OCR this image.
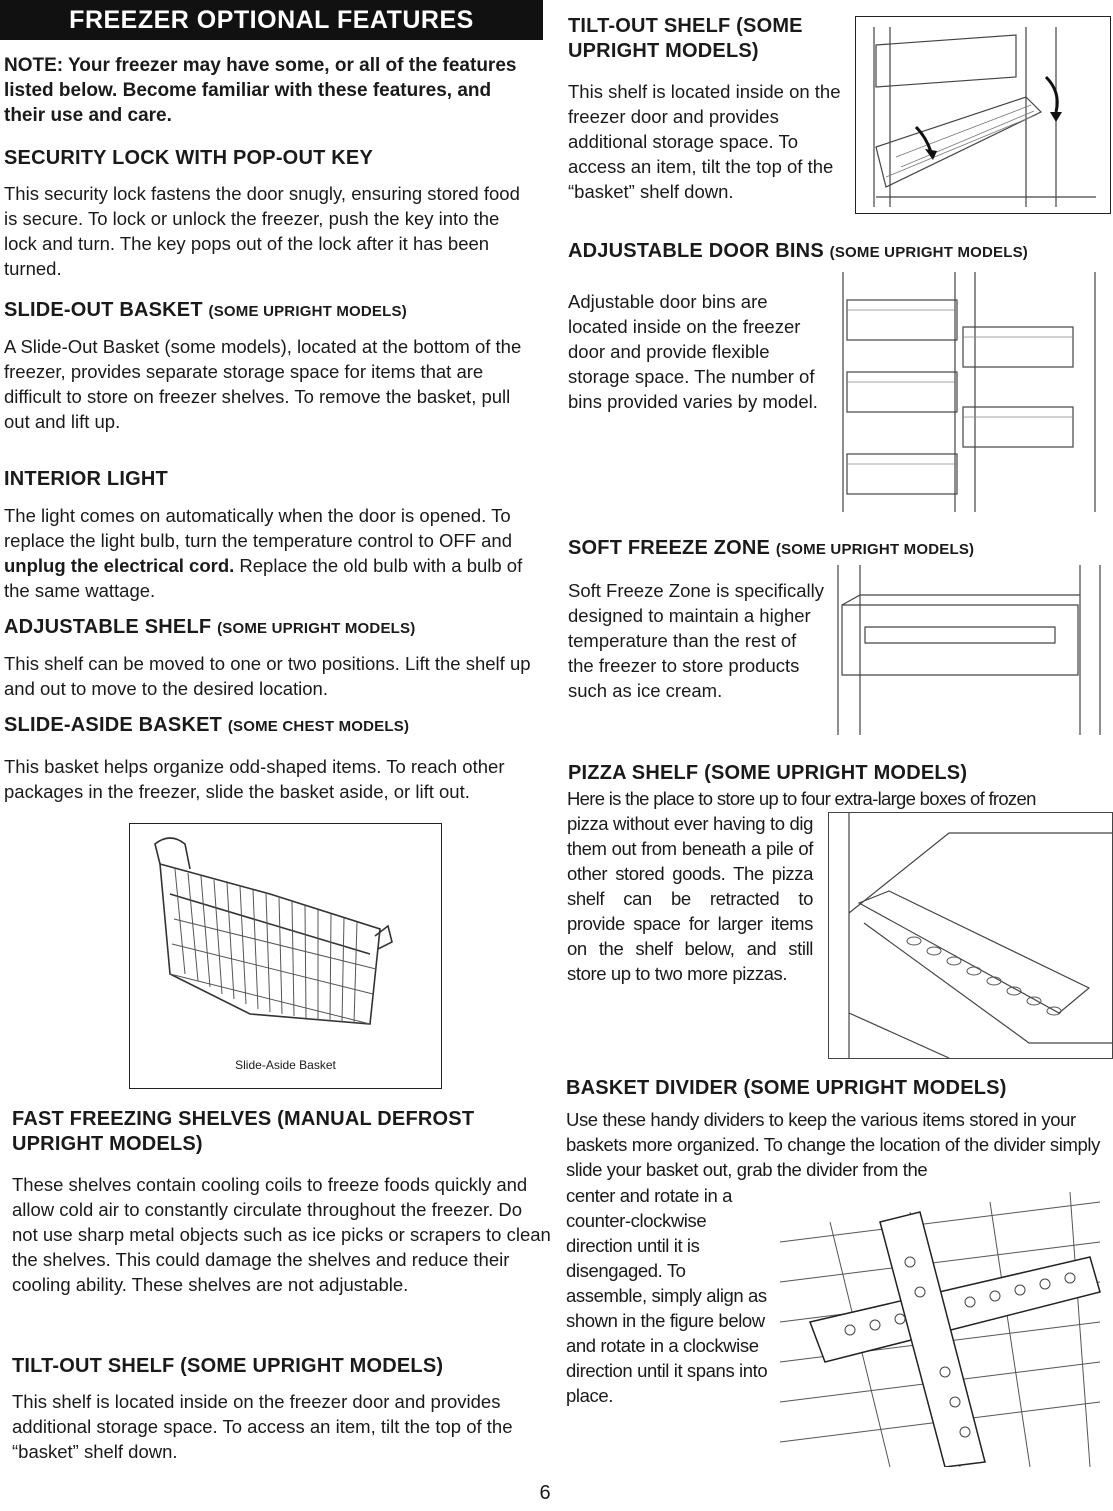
FREEZER OPTIONAL FEATURES
NOTE: Your freezer may have some, or all of the features listed below. Become familiar with these features, and their use and care.
SECURITY LOCK WITH POP-OUT KEY
This security lock fastens the door snugly, ensuring stored food is secure. To lock or unlock the freezer, push the key into the lock and turn. The key pops out of the lock after it has been turned.
SLIDE-OUT BASKET (SOME UPRIGHT MODELS)
A Slide-Out Basket (some models), located at the bottom of the freezer, provides separate storage space for items that are difficult to store on freezer shelves. To remove the basket, pull out and lift up.
INTERIOR LIGHT
The light comes on automatically when the door is opened. To replace the light bulb, turn the temperature control to OFF and unplug the electrical cord. Replace the old bulb with a bulb of the same wattage.
ADJUSTABLE SHELF (SOME UPRIGHT MODELS)
This shelf can be moved to one or two positions. Lift the shelf up and out to move to the desired location.
SLIDE-ASIDE BASKET (SOME CHEST MODELS)
This basket helps organize odd-shaped items. To reach other packages in the freezer, slide the basket aside, or lift out.
Slide-Aside Basket
FAST FREEZING SHELVES (MANUAL DEFROST UPRIGHT MODELS)
These shelves contain cooling coils to freeze foods quickly and allow cold air to constantly circulate throughout the freezer. Do not use sharp metal objects such as ice picks or scrapers to clean the shelves. This could damage the shelves and reduce their cooling ability. These shelves are not adjustable.
TILT-OUT SHELF (SOME UPRIGHT MODELS)
This shelf is located inside on the freezer door and provides additional storage space. To access an item, tilt the top of the “basket” shelf down.
TILT-OUT SHELF (SOME UPRIGHT MODELS)
This shelf is located inside on the freezer door and provides additional storage space. To access an item, tilt the top of the “basket” shelf down.
ADJUSTABLE DOOR BINS (SOME UPRIGHT MODELS)
Adjustable door bins are located inside on the freezer door and provide flexible storage space. The number of bins provided varies by model.
SOFT FREEZE ZONE (SOME UPRIGHT MODELS)
Soft Freeze Zone is specifically designed to maintain a higher temperature than the rest of the freezer to store products such as ice cream.
PIZZA SHELF (SOME UPRIGHT MODELS)
Here is the place to store up to four extra-large boxes of frozen
pizza without ever having to dig them out from beneath a pile of other stored goods. The pizza shelf can be retracted to provide space for larger items on the shelf below, and still store up to two more pizzas.
BASKET DIVIDER (SOME UPRIGHT MODELS)
Use these handy dividers to keep the various items stored in your baskets more organized. To change the location of the divider simply slide your basket out, grab the divider from the
center and rotate in a counter-clockwise direction until it is disengaged. To assemble, simply align as shown in the figure below and rotate in a clockwise direction until it spans into place.
6
